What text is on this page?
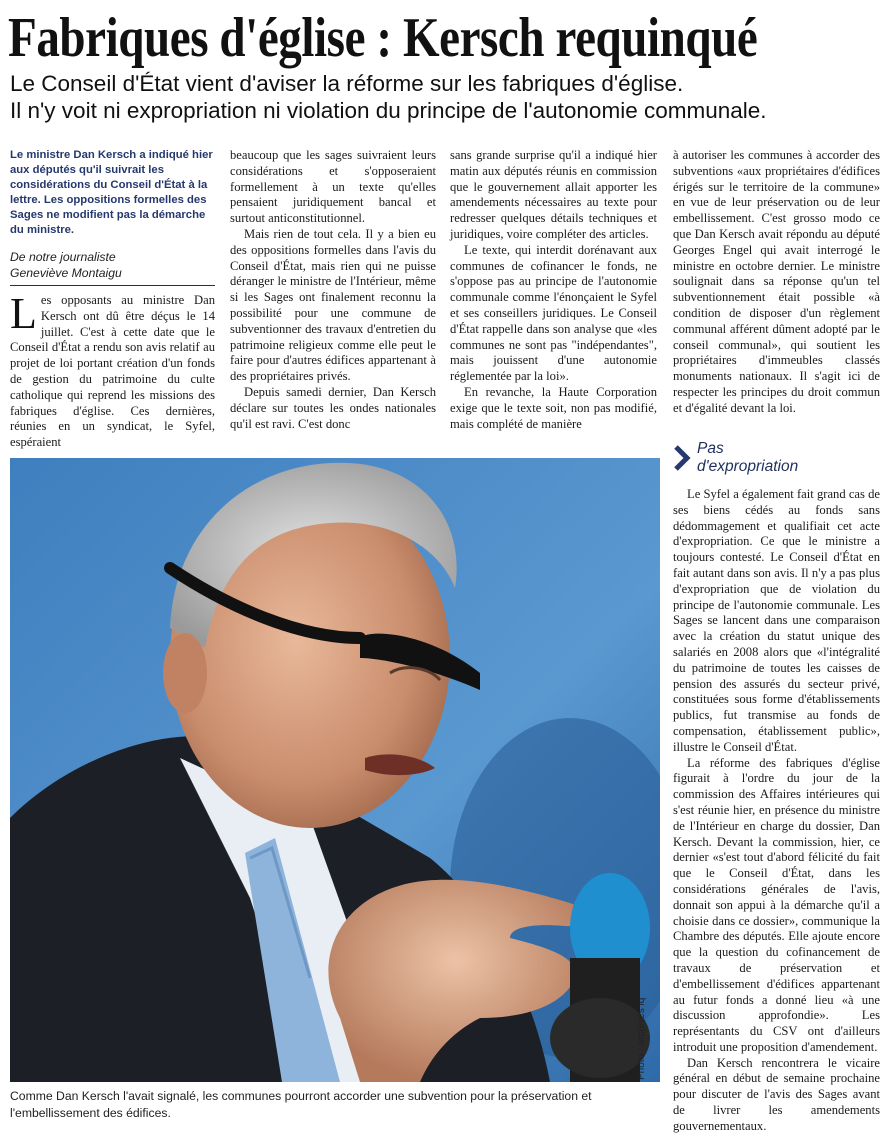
Fabriques d'église : Kersch requinqué
Le Conseil d'État vient d'aviser la réforme sur les fabriques d'église.
Il n'y voit ni expropriation ni violation du principe de l'autonomie communale.
Le ministre Dan Kersch a indiqué hier aux députés qu'il suivrait les considérations du Conseil d'État à la lettre. Les oppositions formelles des Sages ne modifient pas la démarche du ministre.
De notre journaliste
Geneviève Montaigu

Les opposants au ministre Dan Kersch ont dû être déçus le 14 juillet. C'est à cette date que le Conseil d'État a rendu son avis relatif au projet de loi portant création d'un fonds de gestion du patrimoine du culte catholique qui reprend les missions des fabriques d'église. Ces dernières, réunies en un syndicat, le Syfel, espéraient

beaucoup que les sages suivraient leurs considérations et s'opposeraient formellement à un texte qu'elles pensaient juridiquement bancal et surtout anticonstitutionnel.

Mais rien de tout cela. Il y a bien eu des oppositions formelles dans l'avis du Conseil d'État, mais rien qui ne puisse déranger le ministre de l'Intérieur, même si les Sages ont finalement reconnu la possibilité pour une commune de subventionner des travaux d'entretien du patrimoine religieux comme elle peut le faire pour d'autres édifices appartenant à des propriétaires privés.

Depuis samedi dernier, Dan Kersch déclare sur toutes les ondes nationales qu'il est ravi. C'est donc

sans grande surprise qu'il a indiqué hier matin aux députés réunis en commission que le gouvernement allait apporter les amendements nécessaires au texte pour redresser quelques détails techniques et juridiques, voire compléter des articles.

Le texte, qui interdit dorénavant aux communes de cofinancer le fonds, ne s'oppose pas au principe de l'autonomie communale comme l'énonçaient le Syfel et ses conseillers juridiques. Le Conseil d'État rappelle dans son analyse que «les communes ne sont pas "indépendantes", mais jouissent d'une autonomie réglementée par la loi».

En revanche, la Haute Corporation exige que le texte soit, non pas modifié, mais complété de manière

à autoriser les communes à accorder des subventions «aux propriétaires d'édifices érigés sur le territoire de la commune» en vue de leur préservation ou de leur embellissement. C'est grosso modo ce que Dan Kersch avait répondu au député Georges Engel qui avait interrogé le ministre en octobre dernier. Le ministre soulignait dans sa réponse qu'un tel subventionnement était possible «à condition de disposer d'un règlement communal afférent dûment adopté par le conseil communal», qui soutient les propriétaires d'immeubles classés monuments nationaux. Il s'agit ici de respecter les principes du droit commun et d'égalité devant la loi.

Pas
d'expropriation

Le Syfel a également fait grand cas de ses biens cédés au fonds sans dédommagement et qualifiait cet acte d'expropriation. Ce que le ministre a toujours contesté. Le Conseil d'État en fait autant dans son avis. Il n'y a pas plus d'expropriation que de violation du principe de l'autonomie communale. Les Sages se lancent dans une comparaison avec la création du statut unique des salariés en 2008 alors que «l'intégralité du patrimoine de toutes les caisses de pension des assurés du secteur privé, constituées sous forme d'établissements publics, fut transmise au fonds de compensation, établissement public», illustre le Conseil d'État.

La réforme des fabriques d'église figurait à l'ordre du jour de la commission des Affaires intérieures qui s'est réunie hier, en présence du ministre de l'Intérieur en charge du dossier, Dan Kersch. Devant la commission, hier, ce dernier «s'est tout d'abord félicité du fait que le Conseil d'État, dans les considérations générales de l'avis, donnait son appui à la démarche qu'il a choisie dans ce dossier», communique la Chambre des députés. Elle ajoute encore que la question du cofinancement de travaux de préservation et d'embellissement d'édifices appartenant au futur fonds a donné lieu «à une discussion approfondie». Les représentants du CSV ont d'ailleurs introduit une proposition d'amendement.

Dan Kersch rencontrera le vicaire général en début de semaine prochaine pour discuter de l'avis des Sages avant de livrer les amendements gouvernementaux.

Photo : archives lq
Comme Dan Kersch l'avait signalé, les communes pourront accorder une subvention pour la préservation et l'embellissement des édifices.
